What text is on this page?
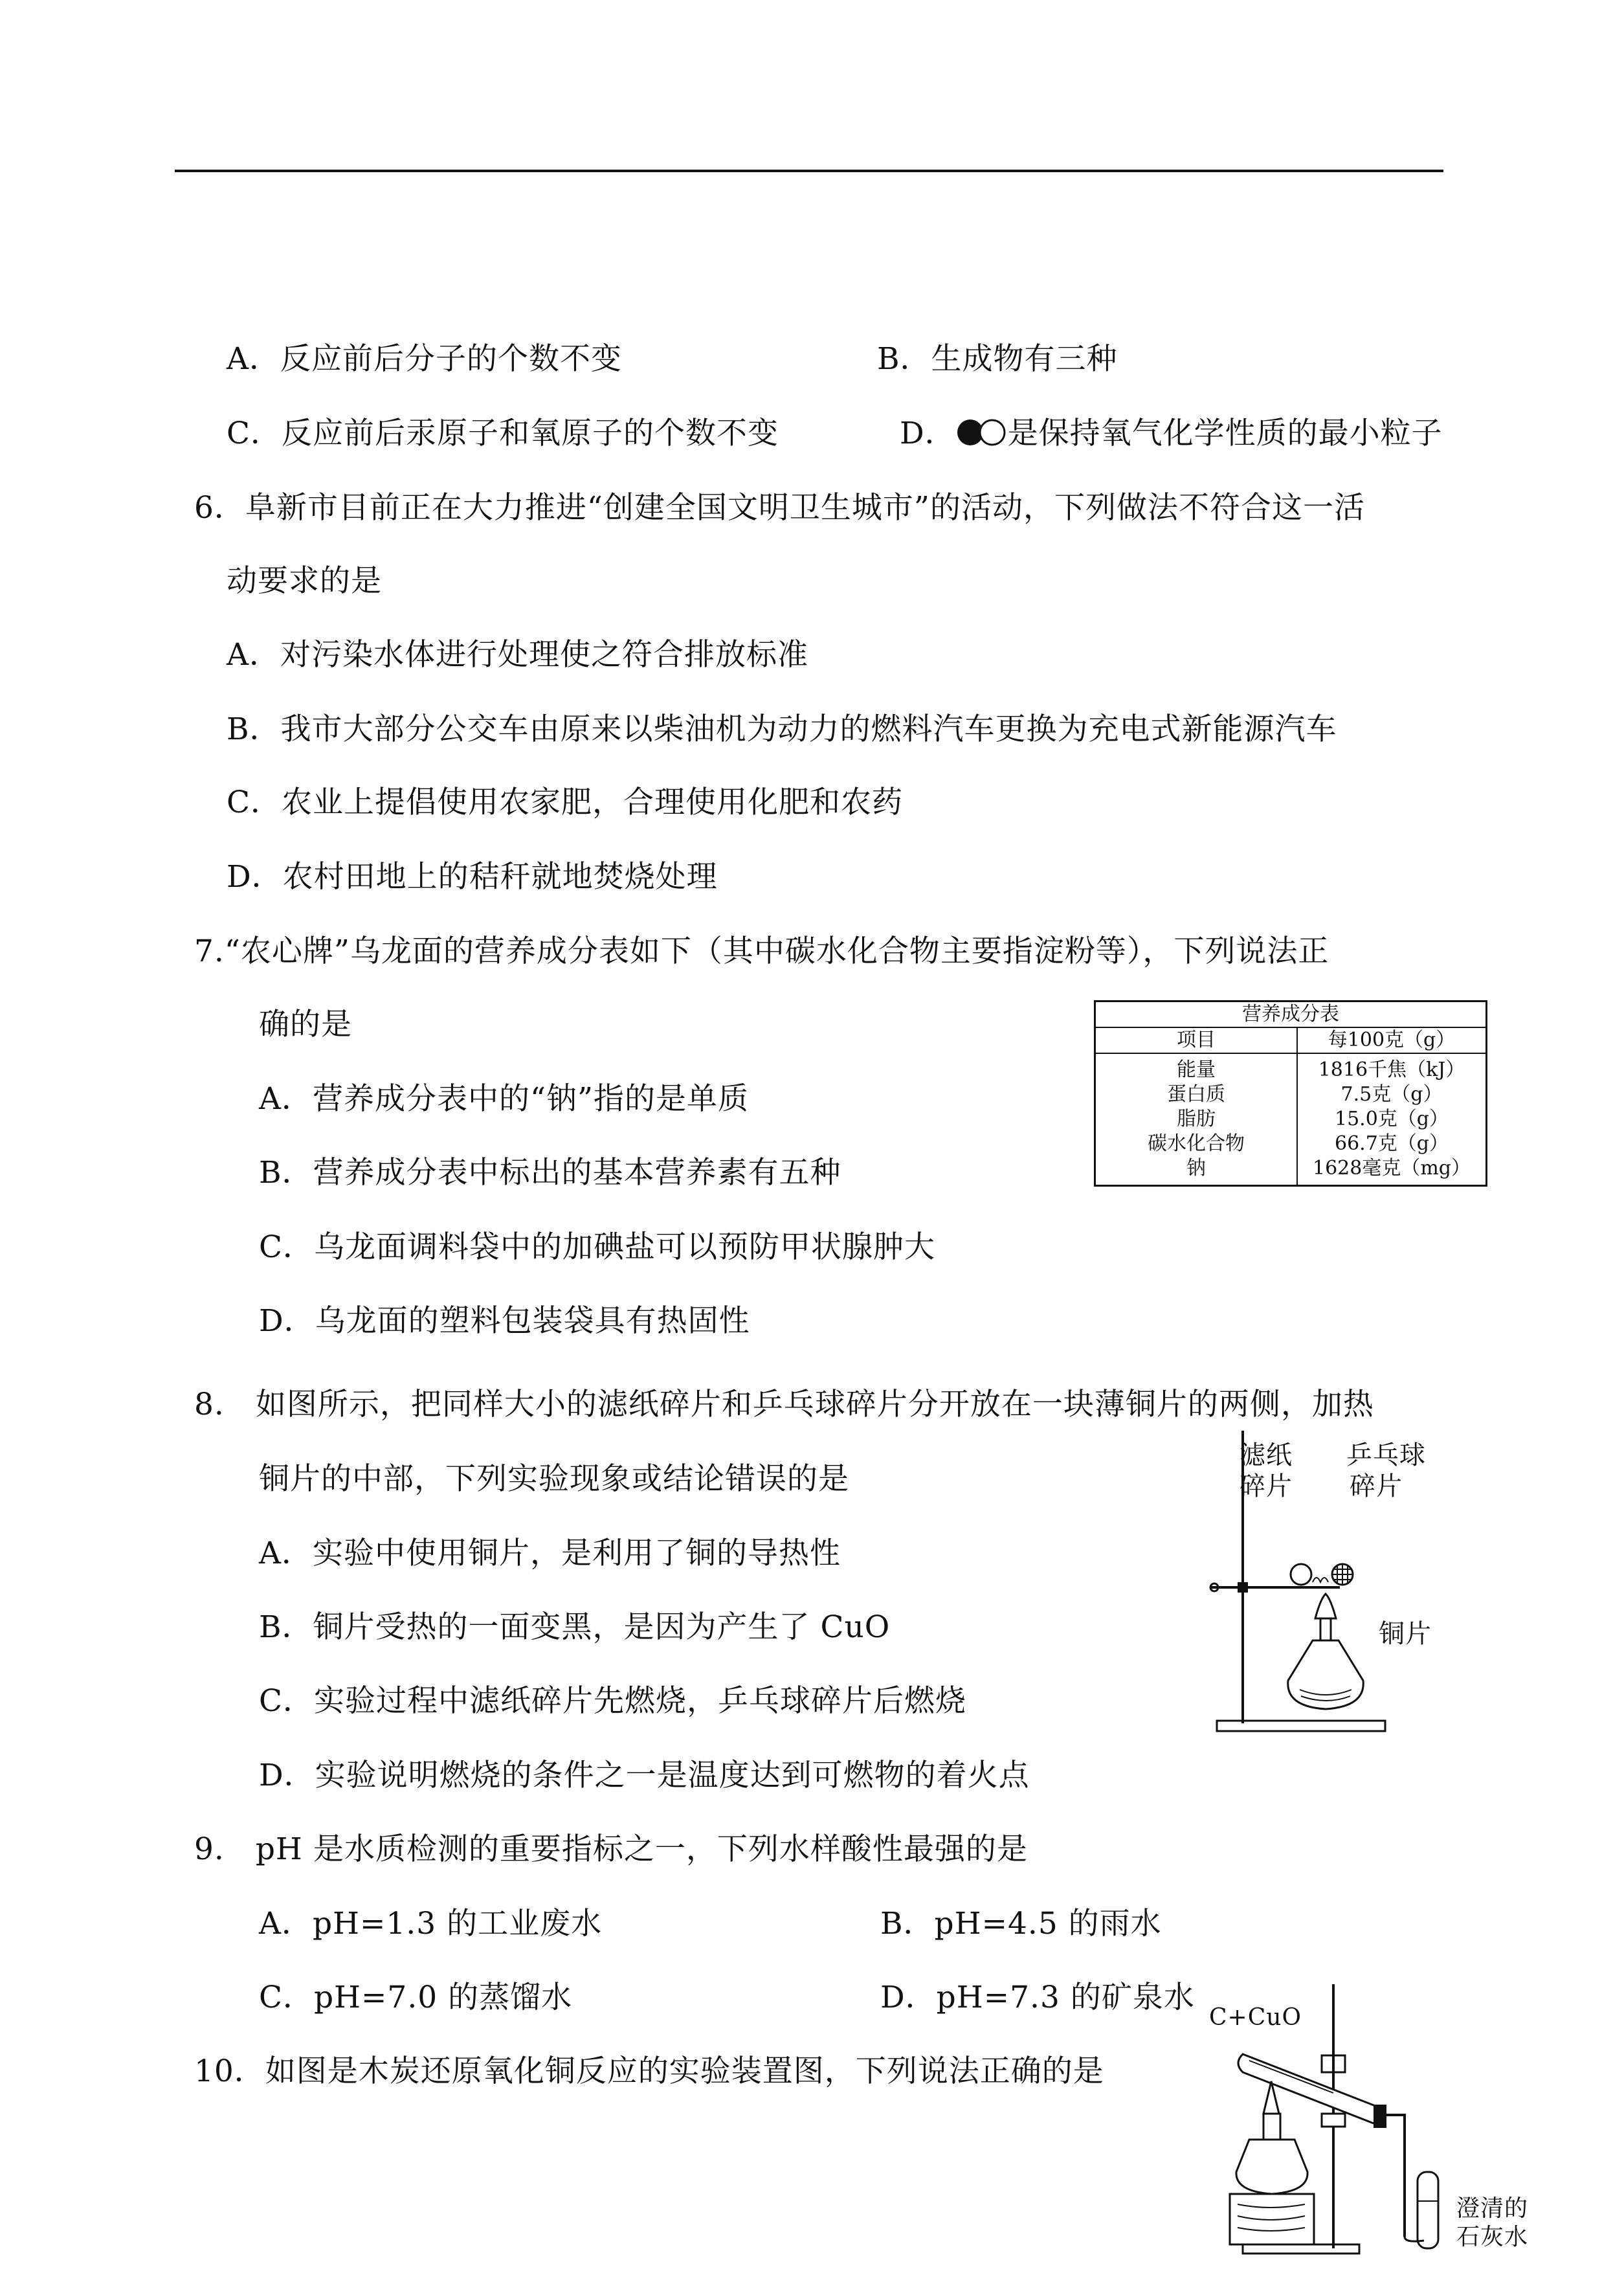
A．反应前后分子的个数不变	B．生成物有三种
C．反应前后汞原子和氧原子的个数不变	D． 是保持氧气化学性质的最小粒子
6．阜新市目前正在大力推进“创建全国文明卫生城市”的活动，下列做法不符合这一活
动要求的是
A．对污染水体进行处理使之符合排放标准
B．我市大部分公交车由原来以柴油机为动力的燃料汽车更换为充电式新能源汽车
C．农业上提倡使用农家肥，合理使用化肥和农药
D．农村田地上的秸秆就地焚烧处理
7.“农心牌”乌龙面的营养成分表如下（其中碳水化合物主要指淀粉等），下列说法正
确的是
A．营养成分表中的“钠”指的是单质
B．营养成分表中标出的基本营养素有五种
C．乌龙面调料袋中的加碘盐可以预防甲状腺肿大
D．乌龙面的塑料包装袋具有热固性
营养成分表	
项目	每100克（g）
能量	1816千焦（kJ）
蛋白质	7.5克（g）
脂肪	15.0克（g）
碳水化合物	66.7克（g）
钠	1628毫克（mg）
8.　如图所示，把同样大小的滤纸碎片和乒乓球碎片分开放在一块薄铜片的两侧，加热
铜片的中部，下列实验现象或结论错误的是
A．实验中使用铜片，是利用了铜的导热性
B．铜片受热的一面变黑，是因为产生了 CuO
C．实验过程中滤纸碎片先燃烧，乒乓球碎片后燃烧
D．实验说明燃烧的条件之一是温度达到可燃物的着火点
滤纸
碎片
乒乓球
碎片
铜片
9.　pH 是水质检测的重要指标之一，下列水样酸性最强的是
A．pH=1.3 的工业废水	B．pH=4.5 的雨水
C．pH=7.0 的蒸馏水	D．pH=7.3 的矿泉水
10．如图是木炭还原氧化铜反应的实验装置图，下列说法正确的是
C+CuO
澄清的
石灰水
